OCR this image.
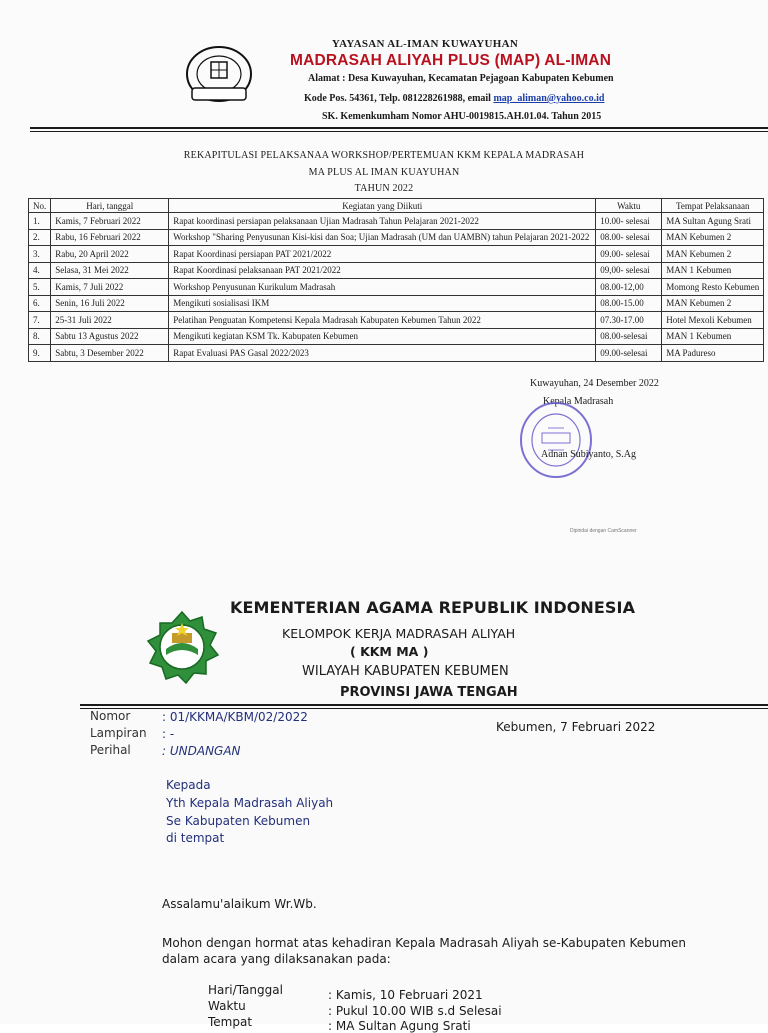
YAYASAN AL-IMAN KUWAYUHAN
MADRASAH ALIYAH PLUS (MAP) AL-IMAN
Alamat : Desa Kuwayuhan, Kecamatan Pejagoan Kabupaten Kebumen
Kode Pos. 54361, Telp. 081228261988, email map_aliman@yahoo.co.id
SK. Kemenkumham Nomor AHU-0019815.AH.01.04. Tahun 2015
REKAPITULASI PELAKSANAA WORKSHOP/PERTEMUAN KKM KEPALA MADRASAH
MA PLUS AL IMAN KUAYUHAN
TAHUN 2022
No.	Hari, tanggal	Kegiatan yang Diikuti	Waktu	Tempat Pelaksanaan
1.	Kamis, 7 Februari 2022	Rapat koordinasi persiapan pelaksanaan Ujian Madrasah Tahun Pelajaran 2021-2022	10.00- selesai	MA Sultan Agung Srati
2.	Rabu, 16 Februari 2022	Workshop "Sharing Penyusunan Kisi-kisi dan Soa; Ujian Madrasah (UM dan UAMBN) tahun Pelajaran 2021-2022	08.00- selesai	MAN Kebumen 2
3.	Rabu, 20 April 2022	Rapat Koordinasi persiapan PAT 2021/2022	09.00- selesai	MAN Kebumen 2
4.	Selasa, 31 Mei 2022	Rapat Koordinasi pelaksanaan PAT 2021/2022	09,00- selesai	MAN 1 Kebumen
5.	Kamis, 7 Juli 2022	Workshop Penyusunan Kurikulum Madrasah	08.00-12,00	Momong Resto Kebumen
6.	Senin, 16 Juli 2022	Mengikuti sosialisasi IKM	08.00-15.00	MAN Kebumen 2
7.	25-31 Juli 2022	Pelatihan Penguatan Kompetensi Kepala Madrasah Kabupaten Kebumen Tahun 2022	07.30-17.00	Hotel Mexoli Kebumen
8.	Sabtu 13 Agustus 2022	Mengikuti kegiatan KSM Tk. Kabupaten Kebumen	08.00-selesai	MAN 1 Kebumen
9.	Sabtu, 3 Desember 2022	Rapat Evaluasi PAS Gasal 2022/2023	09.00-selesai	MA Padureso
Kuwayuhan, 24 Desember 2022
Kepala Madrasah
Adnan Subiyanto, S.Ag
Dipindai dengan CamScanner
KEMENTERIAN AGAMA REPUBLIK INDONESIA
KELOMPOK KERJA MADRASAH ALIYAH
( KKM MA )
WILAYAH KABUPATEN KEBUMEN
PROVINSI JAWA TENGAH
Nomor	: 01/KKMA/KBM/02/2022
Lampiran : -
Perihal	: UNDANGAN
Kebumen, 7 Februari 2022
Kepada
Yth Kepala Madrasah Aliyah
Se Kabupaten Kebumen
di tempat
Assalamu'alaikum Wr.Wb.
Mohon dengan hormat atas kehadiran Kepala Madrasah Aliyah se-Kabupaten Kebumen
dalam acara yang dilaksanakan pada:
Hari/Tanggal	: Kamis, 10 Februari 2021
Waktu	: Pukul 10.00 WIB s.d Selesai
Tempat	: MA Sultan Agung Srati
